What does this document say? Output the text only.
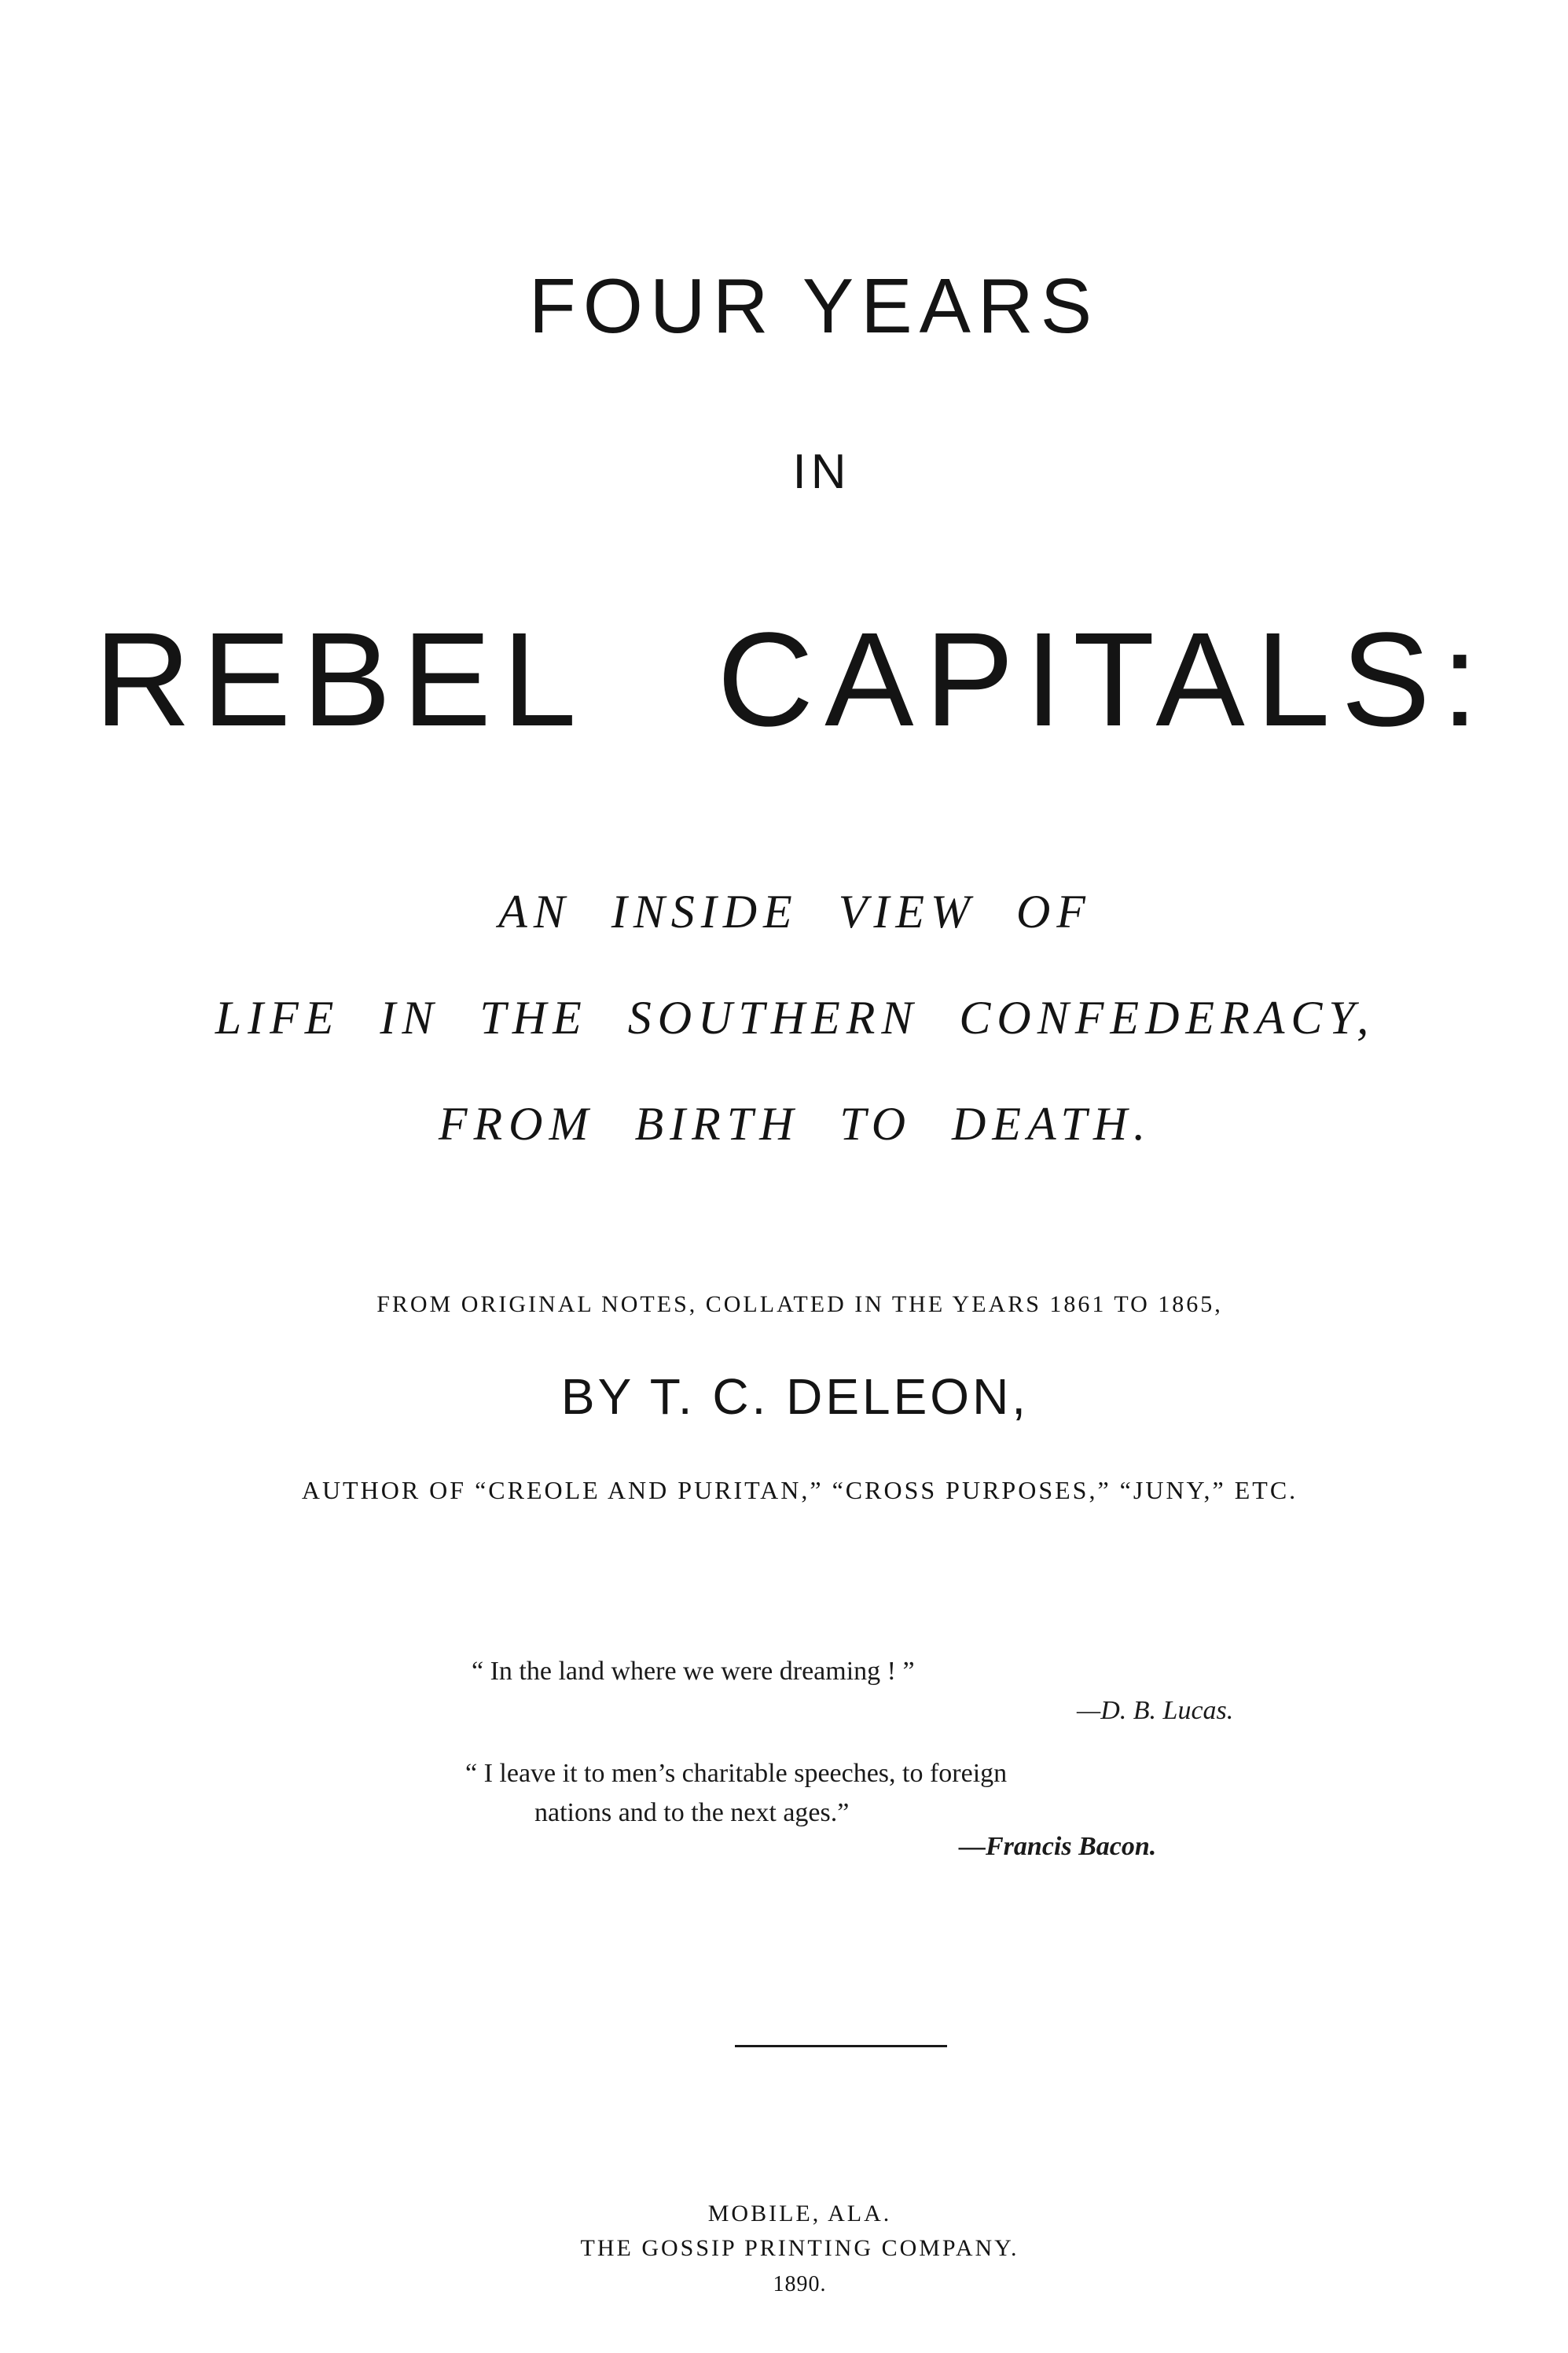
FOUR YEARS
IN
REBEL CAPITALS:
AN INSIDE VIEW OF
LIFE IN THE SOUTHERN CONFEDERACY,
FROM BIRTH TO DEATH.
FROM ORIGINAL NOTES, COLLATED IN THE YEARS 1861 TO 1865,
BY T. C. DELEON,
AUTHOR OF “CREOLE AND PURITAN,” “CROSS PURPOSES,” “JUNY,” ETC.
“ In the land where we were dreaming ! ”
—D. B. Lucas.
“ I leave it to men’s charitable speeches, to foreign
nations and to the next ages.”
—Francis Bacon.
MOBILE, ALA.
THE GOSSIP PRINTING COMPANY.
1890.
